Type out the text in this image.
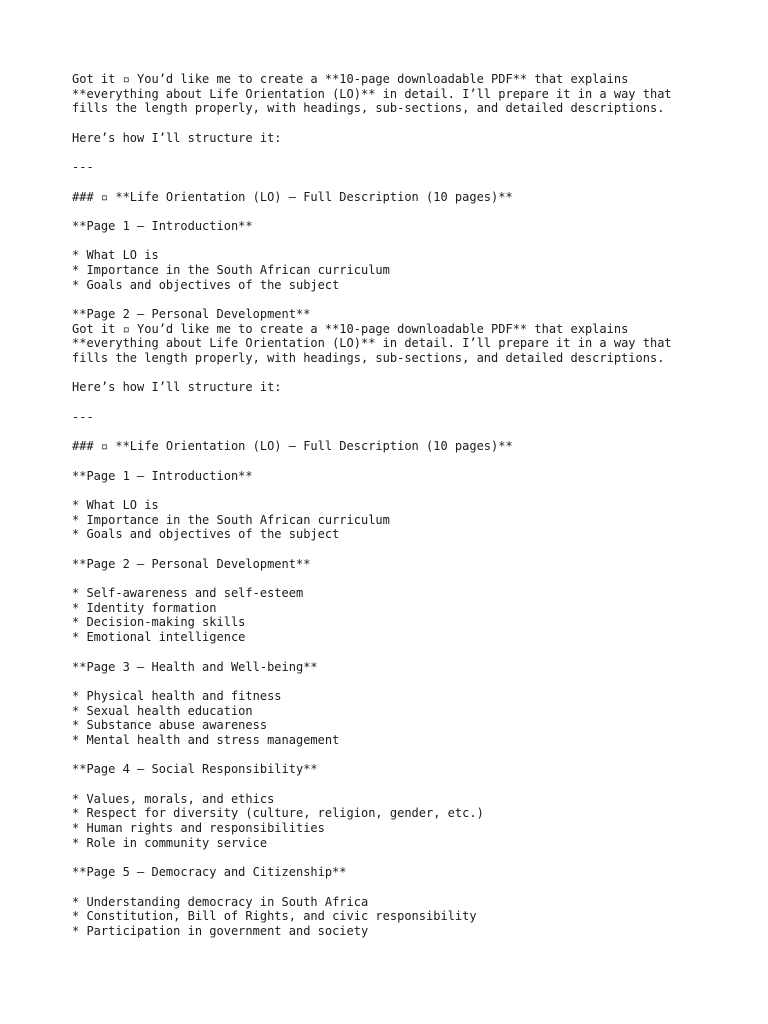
Got it ▫ You’d like me to create a **10-page downloadable PDF** that explains
**everything about Life Orientation (LO)** in detail. I’ll prepare it in a way that
fills the length properly, with headings, sub-sections, and detailed descriptions.
Here’s how I’ll structure it:
---
### ▫ **Life Orientation (LO) – Full Description (10 pages)**
**Page 1 – Introduction**
* What LO is
* Importance in the South African curriculum
* Goals and objectives of the subject
**Page 2 – Personal Development**
Got it ▫ You’d like me to create a **10-page downloadable PDF** that explains
**everything about Life Orientation (LO)** in detail. I’ll prepare it in a way that
fills the length properly, with headings, sub-sections, and detailed descriptions.
Here’s how I’ll structure it:
---
### ▫ **Life Orientation (LO) – Full Description (10 pages)**
**Page 1 – Introduction**
* What LO is
* Importance in the South African curriculum
* Goals and objectives of the subject
**Page 2 – Personal Development**
* Self-awareness and self-esteem
* Identity formation
* Decision-making skills
* Emotional intelligence
**Page 3 – Health and Well-being**
* Physical health and fitness
* Sexual health education
* Substance abuse awareness
* Mental health and stress management
**Page 4 – Social Responsibility**
* Values, morals, and ethics
* Respect for diversity (culture, religion, gender, etc.)
* Human rights and responsibilities
* Role in community service
**Page 5 – Democracy and Citizenship**
* Understanding democracy in South Africa
* Constitution, Bill of Rights, and civic responsibility
* Participation in government and society
